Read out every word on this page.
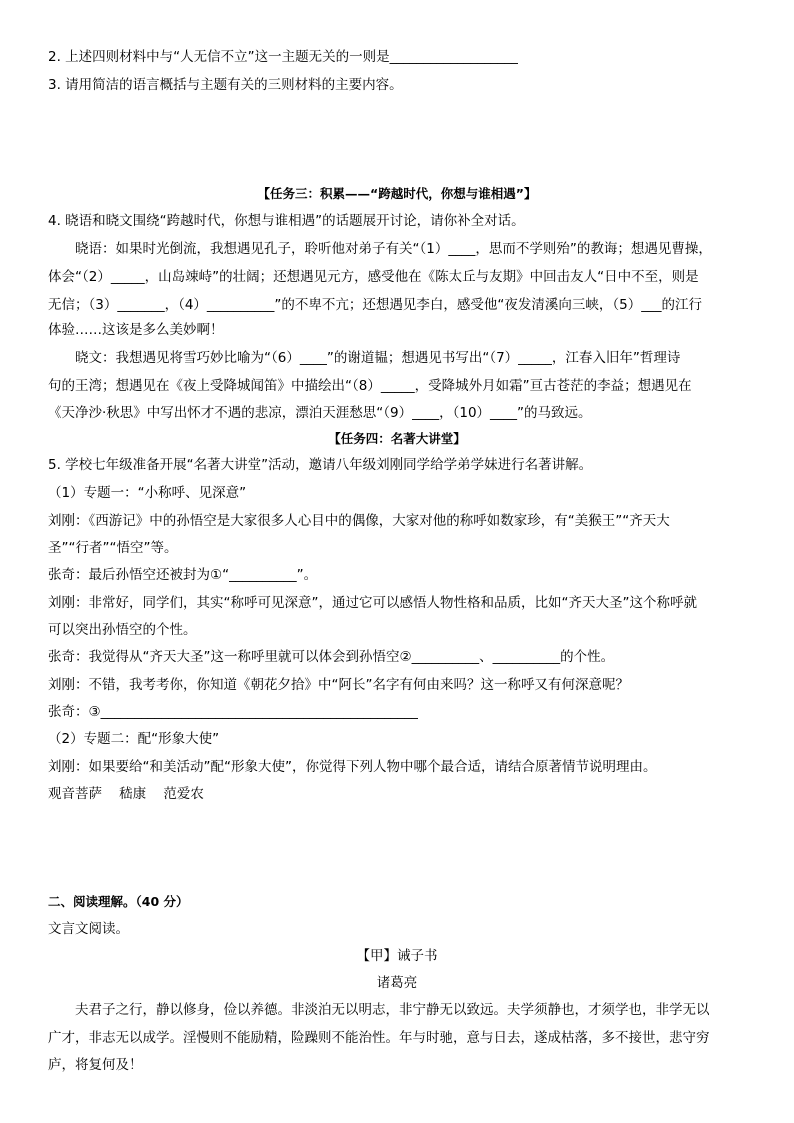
2. 上述四则材料中与“人无信不立”这一主题无关的一则是___________________
3. 请用简洁的语言概括与主题有关的三则材料的主要内容。
【任务三：积累——“跨越时代，你想与谁相遇”】
4. 晓语和晓文围绕“跨越时代，你想与谁相遇”的话题展开讨论，请你补全对话。
晓语：如果时光倒流，我想遇见孔子，聆听他对弟子有关“（1）____，思而不学则殆”的教诲；想遇见曹操，
体会“（2）_____，山岛竦峙”的壮阔；还想遇见元方，感受他在《陈太丘与友期》中回击友人“日中不至，则是
无信；（3）_______，（4）__________”的不卑不亢；还想遇见李白，感受他“夜发清溪向三峡，（5）___的江行
体验……这该是多么美妙啊！
晓文：我想遇见将雪巧妙比喻为“（6）____”的谢道韫；想遇见书写出“（7）_____，江春入旧年”哲理诗
句的王湾；想遇见在《夜上受降城闻笛》中描绘出“（8）_____，受降城外月如霜”亘古苍茫的李益；想遇见在
《天净沙·秋思》中写出怀才不遇的悲凉，漂泊天涯愁思“（9）____，（10）____”的马致远。
【任务四：名著大讲堂】
5. 学校七年级准备开展“名著大讲堂”活动，邀请八年级刘刚同学给学弟学妹进行名著讲解。
（1）专题一：“小称呼、见深意”
刘刚：《西游记》中的孙悟空是大家很多人心目中的偶像，大家对他的称呼如数家珍，有“美猴王”“齐天大
圣”“行者”“悟空”等。
张奇：最后孙悟空还被封为①“__________”。
刘刚：非常好，同学们，其实“称呼可见深意”，通过它可以感悟人物性格和品质，比如“齐天大圣”这个称呼就
可以突出孙悟空的个性。
张奇：我觉得从“齐天大圣”这一称呼里就可以体会到孙悟空②__________、__________的个性。
刘刚：不错，我考考你，你知道《朝花夕拾》中“阿长”名字有何由来吗？这一称呼又有何深意呢？
张奇：③_______________________________________________
（2）专题二：配“形象大使”
刘刚：如果要给“和美活动”配“形象大使”，你觉得下列人物中哪个最合适，请结合原著情节说明理由。
观音菩萨    嵇康    范爱农
二、阅读理解。（40 分）
文言文阅读。
【甲】诫子书
诸葛亮
夫君子之行，静以修身，俭以养德。非淡泊无以明志，非宁静无以致远。夫学须静也，才须学也，非学无以
广才，非志无以成学。淫慢则不能励精，险躁则不能治性。年与时驰，意与日去，遂成枯落，多不接世，悲守穷
庐，将复何及！
